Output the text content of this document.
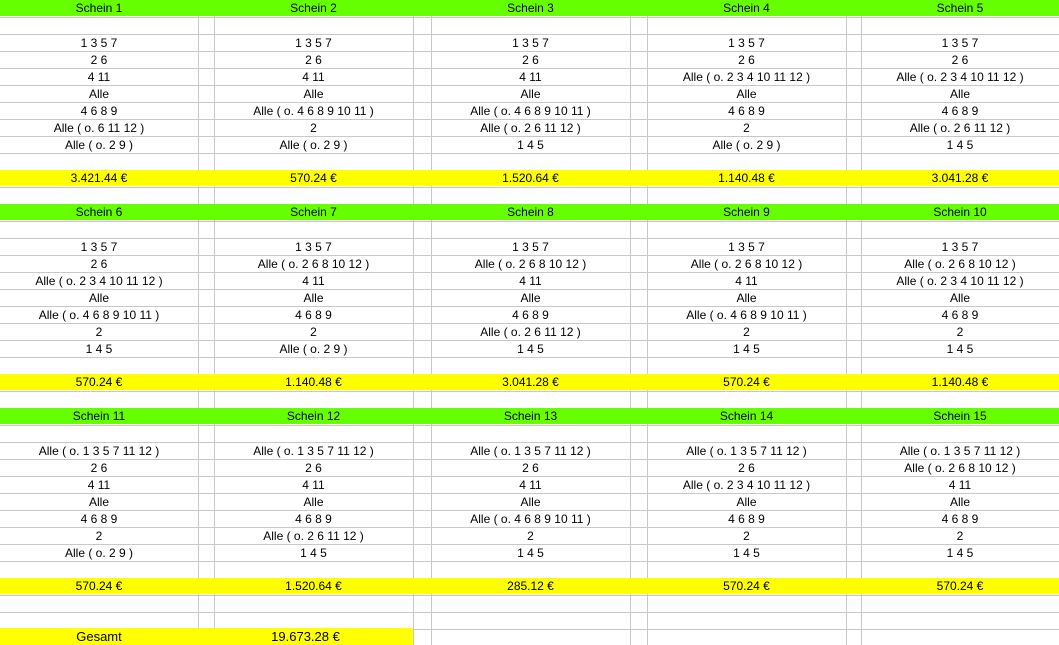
Schein 1
1 3 5 7
2 6
4 11
Alle
4 6 8 9
Alle ( o. 6 11 12 )
Alle ( o. 2 9 )
3.421.44 €
Schein 2
1 3 5 7
2 6
4 11
Alle
Alle ( o. 4 6 8 9 10 11 )
2
Alle ( o. 2 9 )
570.24 €
Schein 3
1 3 5 7
2 6
4 11
Alle
Alle ( o. 4 6 8 9 10 11 )
Alle ( o. 2 6 11 12 )
1 4 5
1.520.64 €
Schein 4
1 3 5 7
2 6
Alle ( o. 2 3 4 10 11 12 )
Alle
4 6 8 9
2
Alle ( o. 2 9 )
1.140.48 €
Schein 5
1 3 5 7
2 6
Alle ( o. 2 3 4 10 11 12 )
Alle
4 6 8 9
Alle ( o. 2 6 11 12 )
1 4 5
3.041.28 €
Schein 6
1 3 5 7
2 6
Alle ( o. 2 3 4 10 11 12 )
Alle
Alle ( o. 4 6 8 9 10 11 )
2
1 4 5
570.24 €
Schein 7
1 3 5 7
Alle ( o. 2 6 8 10 12 )
4 11
Alle
4 6 8 9
2
Alle ( o. 2 9 )
1.140.48 €
Schein 8
1 3 5 7
Alle ( o. 2 6 8 10 12 )
4 11
Alle
4 6 8 9
Alle ( o. 2 6 11 12 )
1 4 5
3.041.28 €
Schein 9
1 3 5 7
Alle ( o. 2 6 8 10 12 )
4 11
Alle
Alle ( o. 4 6 8 9 10 11 )
2
1 4 5
570.24 €
Schein 10
1 3 5 7
Alle ( o. 2 6 8 10 12 )
Alle ( o. 2 3 4 10 11 12 )
Alle
4 6 8 9
2
1 4 5
1.140.48 €
Schein 11
Alle ( o. 1 3 5 7 11 12 )
2 6
4 11
Alle
4 6 8 9
2
Alle ( o. 2 9 )
570.24 €
Schein 12
Alle ( o. 1 3 5 7 11 12 )
2 6
4 11
Alle
4 6 8 9
Alle ( o. 2 6 11 12 )
1 4 5
1.520.64 €
Schein 13
Alle ( o. 1 3 5 7 11 12 )
2 6
4 11
Alle
Alle ( o. 4 6 8 9 10 11 )
2
1 4 5
285.12 €
Schein 14
Alle ( o. 1 3 5 7 11 12 )
2 6
Alle ( o. 2 3 4 10 11 12 )
Alle
4 6 8 9
2
1 4 5
570.24 €
Schein 15
Alle ( o. 1 3 5 7 11 12 )
Alle ( o. 2 6 8 10 12 )
4 11
Alle
4 6 8 9
2
1 4 5
570.24 €
Gesamt	19.673.28 €
